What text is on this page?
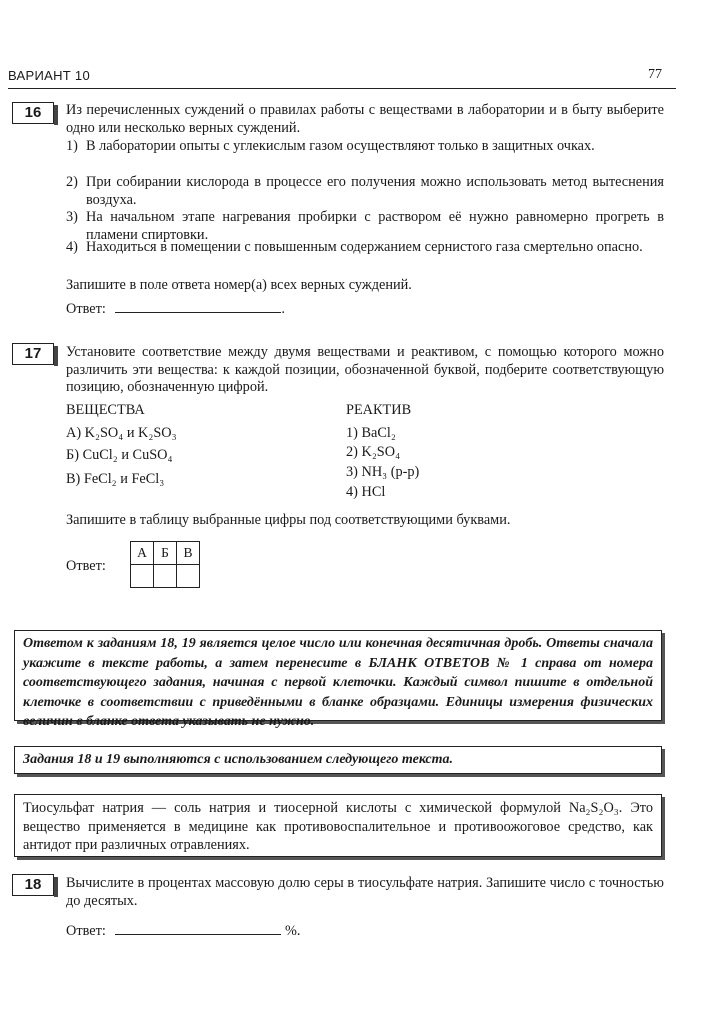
ВАРИАНТ 10	77
16	Из перечисленных суждений о правилах работы с веществами в лаборатории и в быту выберите одно или несколько верных суждений.
1) В лаборатории опыты с углекислым газом осуществляют только в защитных очках.
2) При собирании кислорода в процессе его получения можно использовать метод вытеснения воздуха.
3) На начальном этапе нагревания пробирки с раствором её нужно равномерно прогреть в пламени спиртовки.
4) Находиться в помещении с повышенным содержанием сернистого газа смертельно опасно.
Запишите в поле ответа номер(а) всех верных суждений.
Ответ:	.
17	Установите соответствие между двумя веществами и реактивом, с помощью которого можно различить эти вещества: к каждой позиции, обозначенной буквой, подберите соответствующую позицию, обозначенную цифрой.
ВЕЩЕСТВА	РЕАКТИВ
А) K₂SO₄ и K₂SO₃
Б) CuCl₂ и CuSO₄
В) FeCl₂ и FeCl₃
1) BaCl₂
2) K₂SO₄
3) NH₃ (р-р)
4) HCl
Запишите в таблицу выбранные цифры под соответствующими буквами.
Ответ:
А	Б	В

Ответом к заданиям 18, 19 является целое число или конечная десятичная дробь. Ответы сначала укажите в тексте работы, а затем перенесите в БЛАНК ОТВЕТОВ № 1 справа от номера соответствующего задания, начиная с первой клеточки. Каждый символ пишите в отдельной клеточке в соответствии с приведёнными в бланке образцами. Единицы измерения физических величин в бланке ответа указывать не нужно.
Задания 18 и 19 выполняются с использованием следующего текста.
Тиосульфат натрия — соль натрия и тиосерной кислоты с химической формулой Na₂S₂O₃. Это вещество применяется в медицине как противовоспалительное и противоожоговое средство, как антидот при различных отравлениях.
18	Вычислите в процентах массовую долю серы в тиосульфате натрия. Запишите число с точностью до десятых.
Ответ:	%.
